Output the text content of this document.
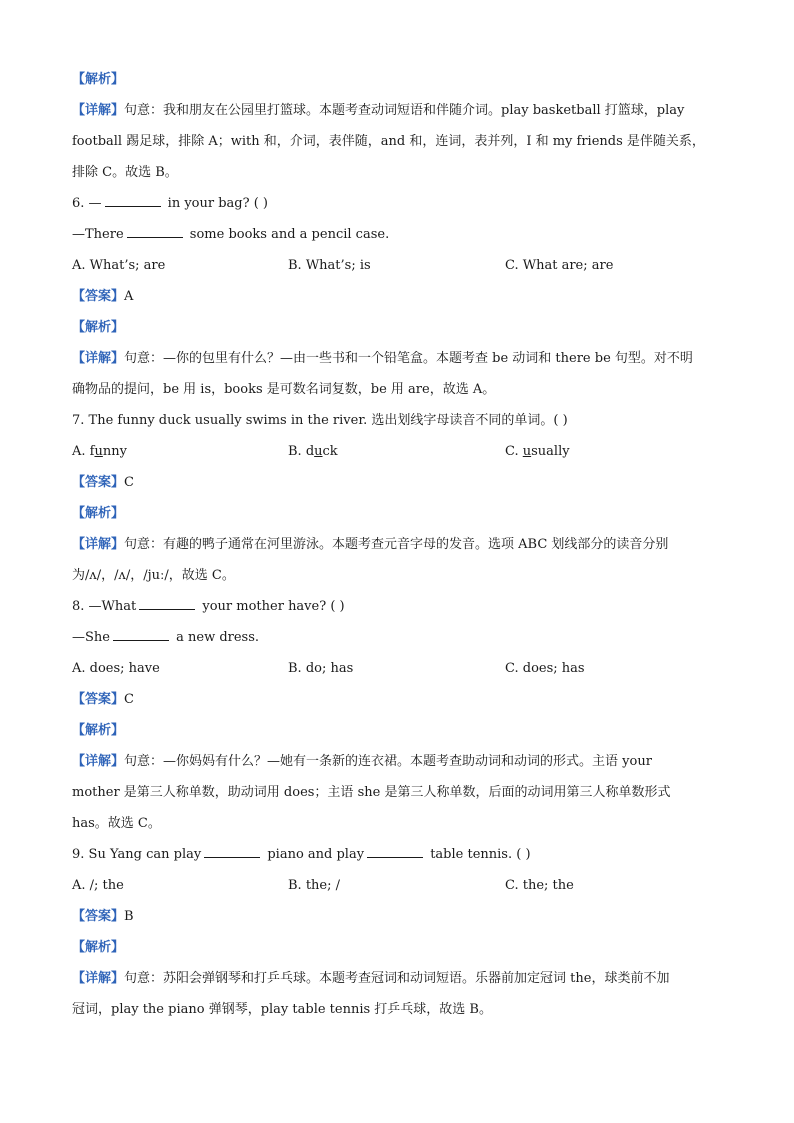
【解析】
【详解】句意：我和朋友在公园里打篮球。本题考查动词短语和伴随介词。play basketball 打篮球，play
football 踢足球，排除 A；with 和，介词，表伴随，and 和，连词，表并列，I 和 my friends 是伴随关系，
排除 C。故选 B。
6. —	in your bag? ( )
—There	some books and a pencil case.
A. What’s; are	B. What’s; is	C. What are; are
【答案】A
【解析】
【详解】句意：—你的包里有什么？—由一些书和一个铅笔盒。本题考查 be 动词和 there be 句型。对不明
确物品的提问，be 用 is，books 是可数名词复数，be 用 are，故选 A。
7. The funny duck usually swims in the river. 选出划线字母读音不同的单词。( )
A. funny	B. duck	C. usually
【答案】C
【解析】
【详解】句意：有趣的鸭子通常在河里游泳。本题考查元音字母的发音。选项 ABC 划线部分的读音分别
为/ʌ/，/ʌ/，/juː/，故选 C。
8. —What	your mother have? ( )
—She	a new dress.
A. does; have	B. do; has	C. does; has
【答案】C
【解析】
【详解】句意：—你妈妈有什么？—她有一条新的连衣裙。本题考查助动词和动词的形式。主语 your
mother 是第三人称单数，助动词用 does；主语 she 是第三人称单数，后面的动词用第三人称单数形式
has。故选 C。
9. Su Yang can play	piano and play	table tennis. ( )
A. /; the	B. the; /	C. the; the
【答案】B
【解析】
【详解】句意：苏阳会弹钢琴和打乒乓球。本题考查冠词和动词短语。乐器前加定冠词 the，球类前不加
冠词，play the piano 弹钢琴，play table tennis 打乒乓球，故选 B。
